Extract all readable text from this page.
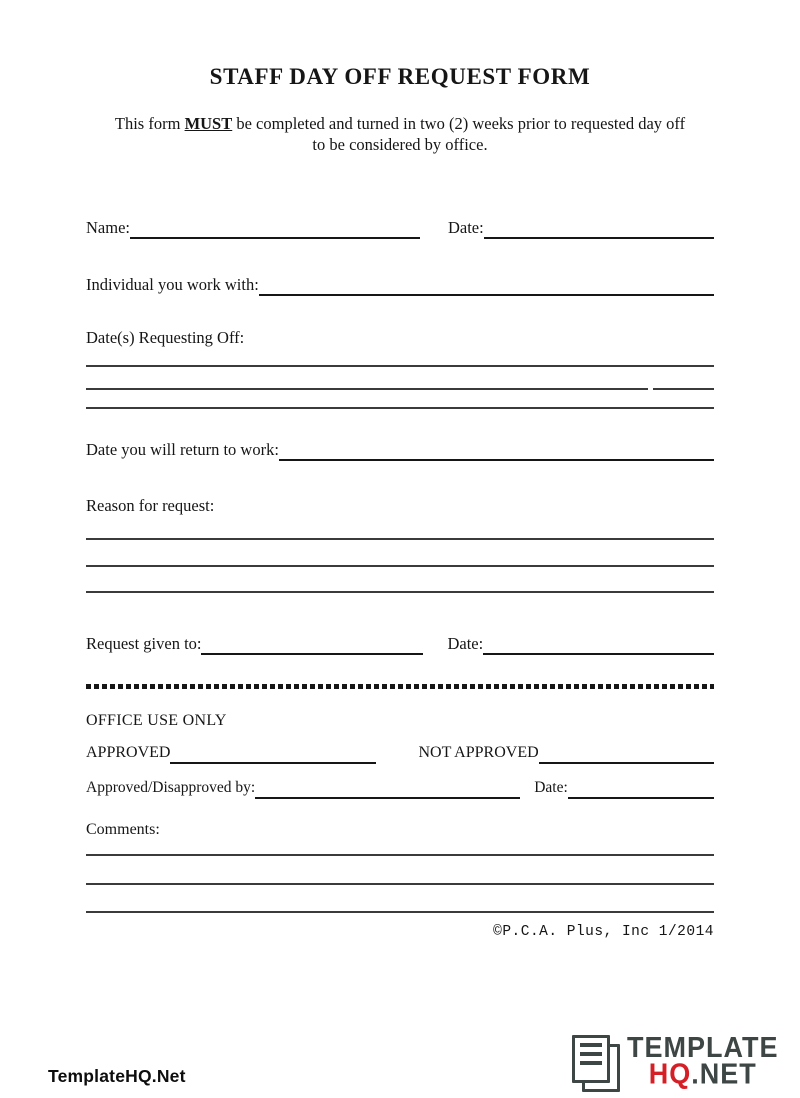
STAFF DAY OFF REQUEST FORM

This form MUST be completed and turned in two (2) weeks prior to requested day off
to be considered by office.

Name:	Date:
Individual you work with:
Date(s) Requesting Off:
Date you will return to work:
Reason for request:
Request given to:	Date:
OFFICE USE ONLY
APPROVED	NOT APPROVED
Approved/Disapproved by:	Date:
Comments:
©P.C.A. Plus, Inc 1/2014
TemplateHQ.Net
TEMPLATE
HQ.NET
